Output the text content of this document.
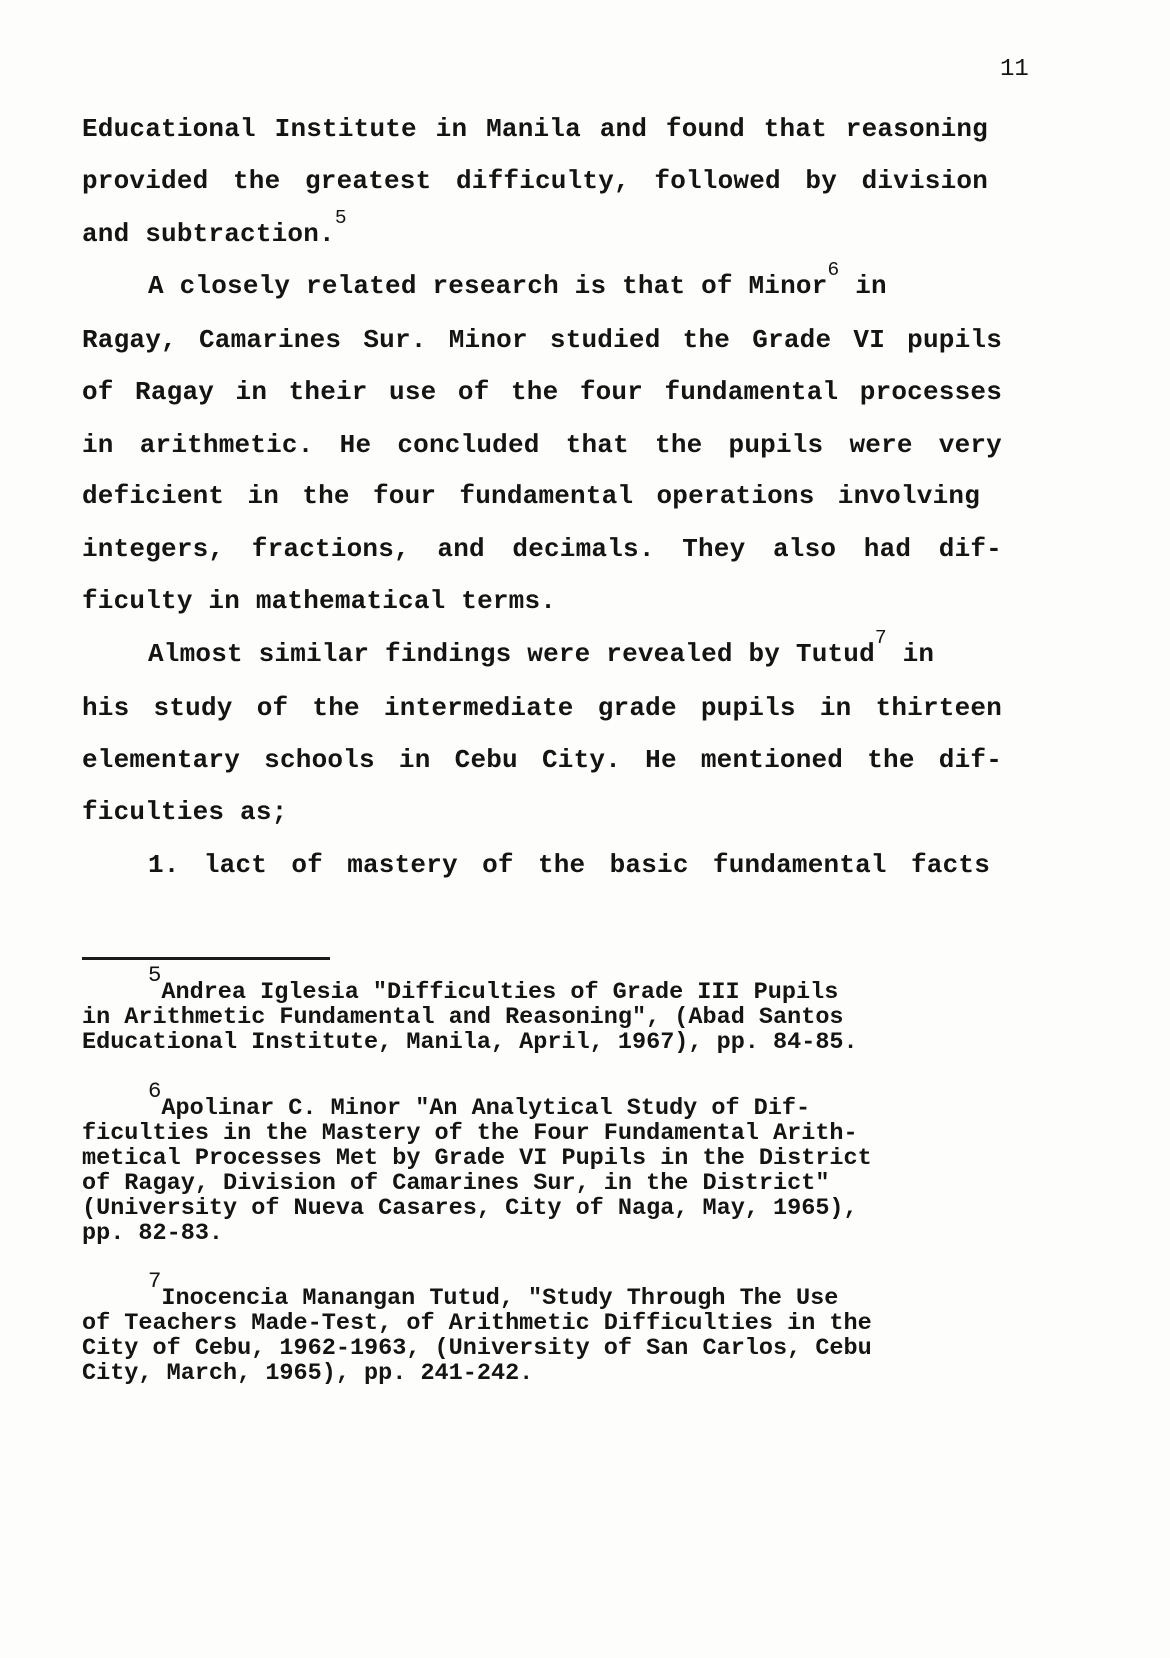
11
Educational Institute in Manila and found that reasoning
provided the greatest difficulty, followed by division
and subtraction.$^5$
A closely related research is that of Minor$^6$ in
Ragay, Camarines Sur. Minor studied the Grade VI pupils
of Ragay in their use of the four fundamental processes
in arithmetic. He concluded that the pupils were very
deficient in the four fundamental operations involving
integers, fractions, and decimals. They also had dif-
ficulty in mathematical terms.
Almost similar findings were revealed by Tutud$^7$ in
his study of the intermediate grade pupils in thirteen
elementary schools in Cebu City. He mentioned the dif-
ficulties as;
1. lact of mastery of the basic fundamental facts
$^5$Andrea Iglesia "Difficulties of Grade III Pupils
in Arithmetic Fundamental and Reasoning", (Abad Santos
Educational Institute, Manila, April, 1967), pp. 84-85.
$^6$Apolinar C. Minor "An Analytical Study of Dif-
ficulties in the Mastery of the Four Fundamental Arith-
metical Processes Met by Grade VI Pupils in the District
of Ragay, Division of Camarines Sur, in the District"
(University of Nueva Casares, City of Naga, May, 1965),
pp. 82-83.
$^7$Inocencia Manangan Tutud, "Study Through The Use
of Teachers Made-Test, of Arithmetic Difficulties in the
City of Cebu, 1962-1963, (University of San Carlos, Cebu
City, March, 1965), pp. 241-242.
